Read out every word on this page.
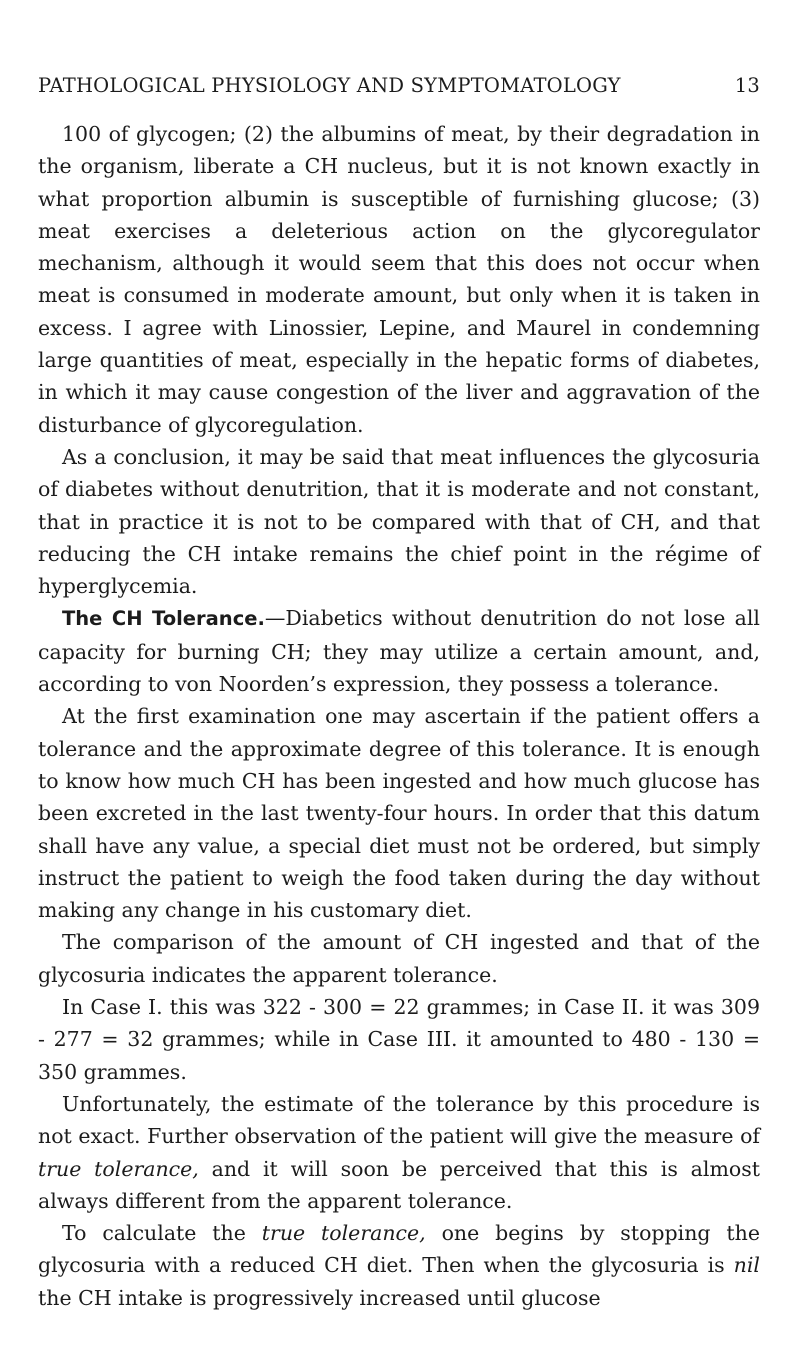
PATHOLOGICAL PHYSIOLOGY AND SYMPTOMATOLOGY	13

100 of glycogen; (2) the albumins of meat, by their degradation in the organism, liberate a CH nucleus, but it is not known exactly in what proportion albumin is susceptible of furnishing glucose; (3) meat exercises a deleterious action on the glycoregulator mechanism, although it would seem that this does not occur when meat is consumed in moderate amount, but only when it is taken in excess. I agree with Linossier, Lepine, and Maurel in condemning large quantities of meat, especially in the hepatic forms of diabetes, in which it may cause congestion of the liver and aggravation of the disturbance of glycoregulation.

As a conclusion, it may be said that meat influences the glycosuria of diabetes without denutrition, that it is moderate and not constant, that in practice it is not to be compared with that of CH, and that reducing the CH intake remains the chief point in the régime of hyperglycemia.

The CH Tolerance.—Diabetics without denutrition do not lose all capacity for burning CH; they may utilize a certain amount, and, according to von Noorden’s expression, they possess a tolerance.

At the first examination one may ascertain if the patient offers a tolerance and the approximate degree of this tolerance. It is enough to know how much CH has been ingested and how much glucose has been excreted in the last twenty-four hours. In order that this datum shall have any value, a special diet must not be ordered, but simply instruct the patient to weigh the food taken during the day without making any change in his customary diet.

The comparison of the amount of CH ingested and that of the glycosuria indicates the apparent tolerance.

In Case I. this was 322 - 300 = 22 grammes; in Case II. it was 309 - 277 = 32 grammes; while in Case III. it amounted to 480 - 130 = 350 grammes.

Unfortunately, the estimate of the tolerance by this procedure is not exact. Further observation of the patient will give the measure of true tolerance, and it will soon be perceived that this is almost always different from the apparent tolerance.

To calculate the true tolerance, one begins by stopping the glycosuria with a reduced CH diet. Then when the glycosuria is nil the CH intake is progressively increased until glucose
